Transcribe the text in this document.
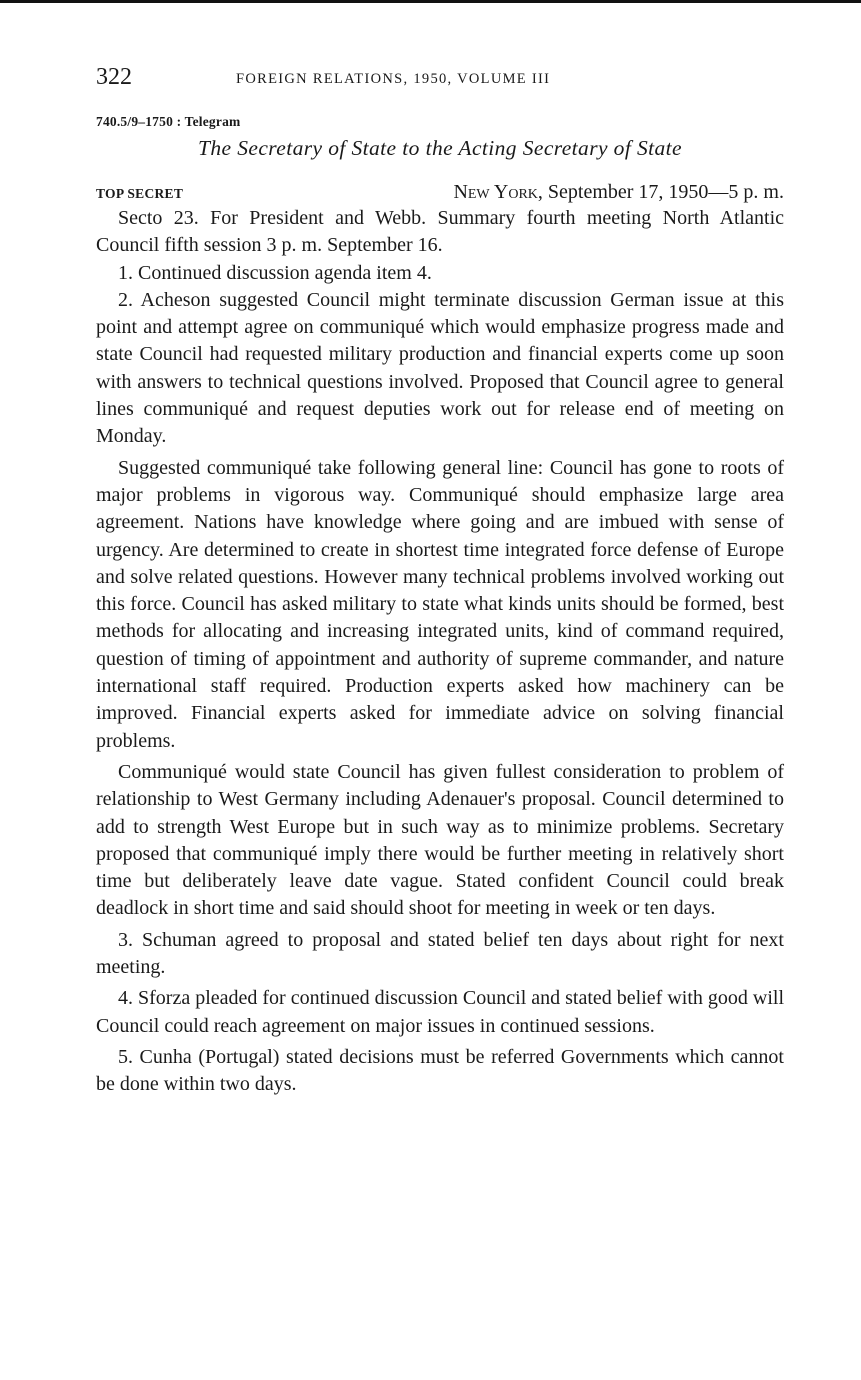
322	FOREIGN RELATIONS, 1950, VOLUME III
740.5/9–1750 : Telegram
The Secretary of State to the Acting Secretary of State
TOP SECRET	New York, September 17, 1950—5 p. m.

Secto 23. For President and Webb. Summary fourth meeting North Atlantic Council fifth session 3 p. m. September 16.

1. Continued discussion agenda item 4.

2. Acheson suggested Council might terminate discussion German issue at this point and attempt agree on communiqué which would emphasize progress made and state Council had requested military production and financial experts come up soon with answers to technical questions involved. Proposed that Council agree to general lines communiqué and request deputies work out for release end of meeting on Monday.

Suggested communiqué take following general line: Council has gone to roots of major problems in vigorous way. Communiqué should emphasize large area agreement. Nations have knowledge where going and are imbued with sense of urgency. Are determined to create in shortest time integrated force defense of Europe and solve related questions. However many technical problems involved working out this force. Council has asked military to state what kinds units should be formed, best methods for allocating and increasing integrated units, kind of command required, question of timing of appointment and authority of supreme commander, and nature international staff required. Production experts asked how machinery can be improved. Financial experts asked for immediate advice on solving financial problems.

Communiqué would state Council has given fullest consideration to problem of relationship to West Germany including Adenauer's proposal. Council determined to add to strength West Europe but in such way as to minimize problems. Secretary proposed that communiqué imply there would be further meeting in relatively short time but deliberately leave date vague. Stated confident Council could break deadlock in short time and said should shoot for meeting in week or ten days.

3. Schuman agreed to proposal and stated belief ten days about right for next meeting.

4. Sforza pleaded for continued discussion Council and stated belief with good will Council could reach agreement on major issues in continued sessions.

5. Cunha (Portugal) stated decisions must be referred Governments which cannot be done within two days.
